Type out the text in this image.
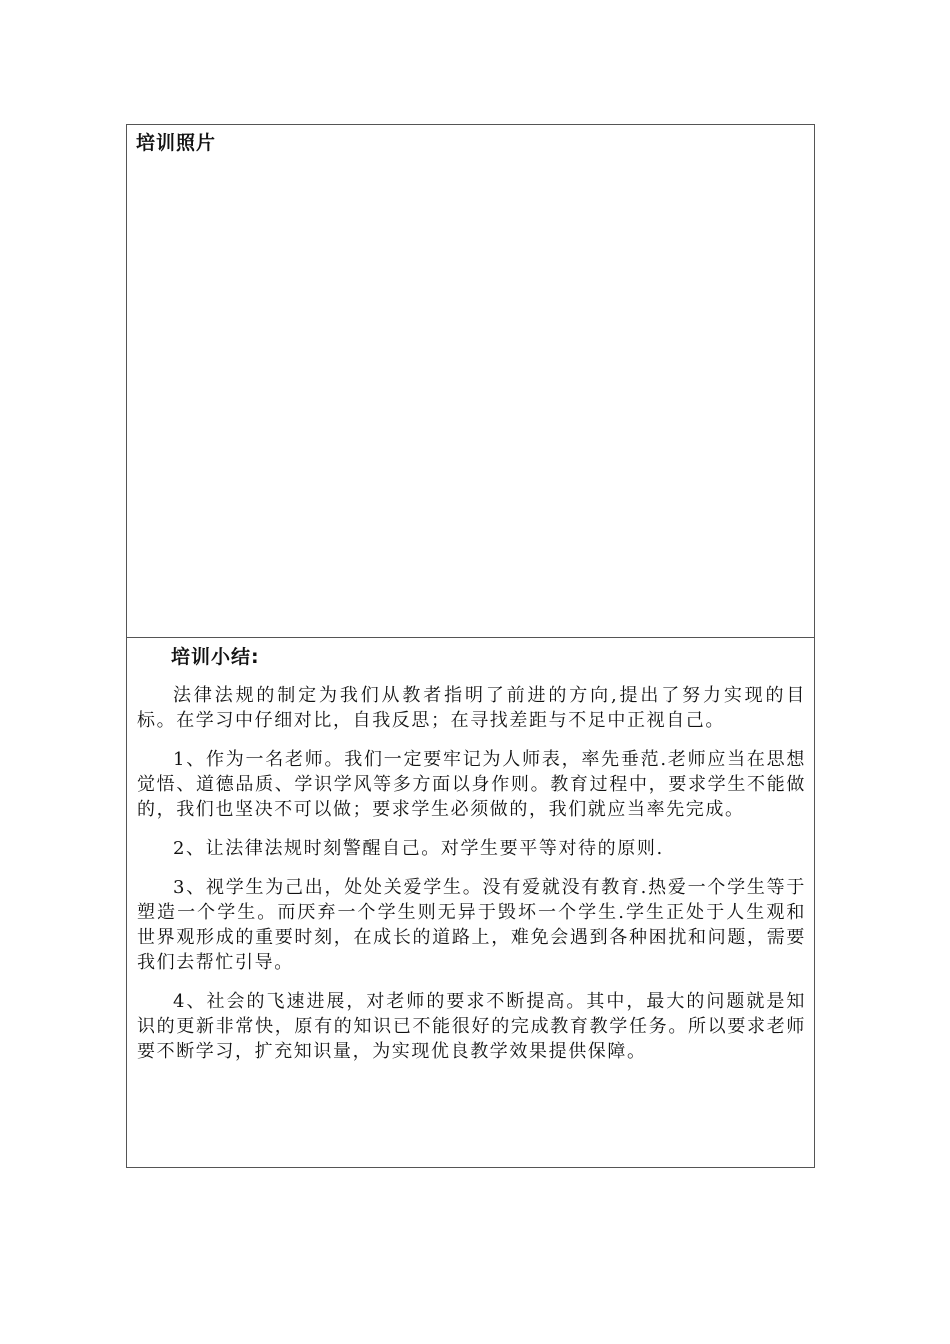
培训照片
培训小结:

法律法规的制定为我们从教者指明了前进的方向,提出了努力实现的目标。在学习中仔细对比，自我反思；在寻找差距与不足中正视自己。

1、作为一名老师。我们一定要牢记为人师表，率先垂范.老师应当在思想觉悟、道德品质、学识学风等多方面以身作则。教育过程中，要求学生不能做的，我们也坚决不可以做；要求学生必须做的，我们就应当率先完成。

2、让法律法规时刻警醒自己。对学生要平等对待的原则.

3、视学生为己出，处处关爱学生。没有爱就没有教育.热爱一个学生等于塑造一个学生。而厌弃一个学生则无异于毁坏一个学生.学生正处于人生观和世界观形成的重要时刻，在成长的道路上，难免会遇到各种困扰和问题，需要我们去帮忙引导。

4、社会的飞速进展，对老师的要求不断提高。其中，最大的问题就是知识的更新非常快，原有的知识已不能很好的完成教育教学任务。所以要求老师要不断学习，扩充知识量，为实现优良教学效果提供保障。
